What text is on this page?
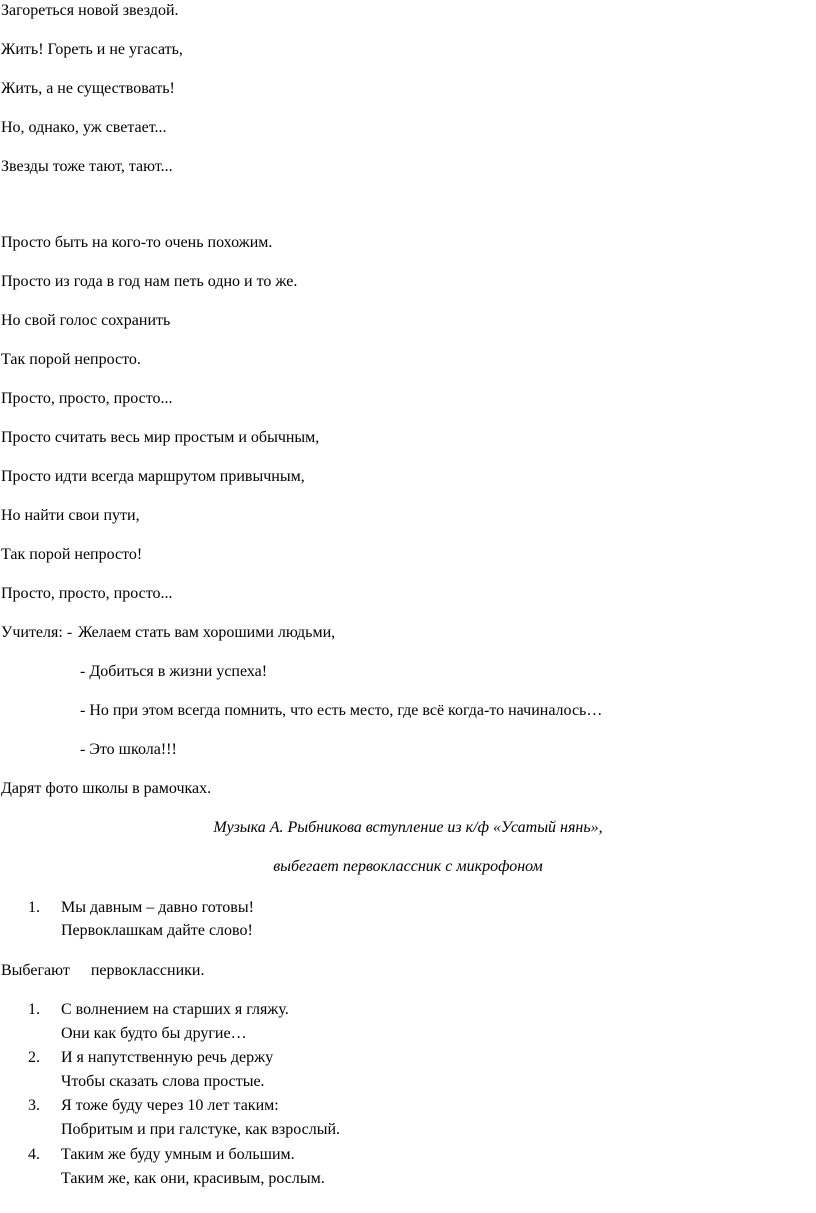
Загореться новой звездой.
Жить! Гореть и не угасать,
Жить, а не существовать!
Но, однако, уж светает...
Звезды тоже тают, тают...
Просто быть на кого-то очень похожим.
Просто из года в год нам петь одно и то же.
Но свой голос сохранить
Так порой непросто.
Просто, просто, просто...
Просто считать весь мир простым и обычным,
Просто идти всегда маршрутом привычным,
Но найти свои пути,
Так порой непросто!
Просто, просто, просто...
Учителя: - Желаем стать вам хорошими людьми,
- Добиться в жизни успеха!
- Но при этом всегда помнить, что есть место, где всё когда-то начиналось…
- Это школа!!!
Дарят фото школы в рамочках.
Музыка А. Рыбникова вступление из к/ф «Усатый нянь»,
выбегает первоклассник с микрофоном
1. Мы давным – давно готовы!
Первоклашкам дайте слово!
Выбегают первоклассники.
1. С волнением на старших я гляжу.
Они как будто бы другие…
2. И я напутственную речь держу
Чтобы сказать слова простые.
3. Я тоже буду через 10 лет таким:
Побритым и при галстуке, как взрослый.
4. Таким же буду умным и большим.
Таким же, как они, красивым, рослым.
